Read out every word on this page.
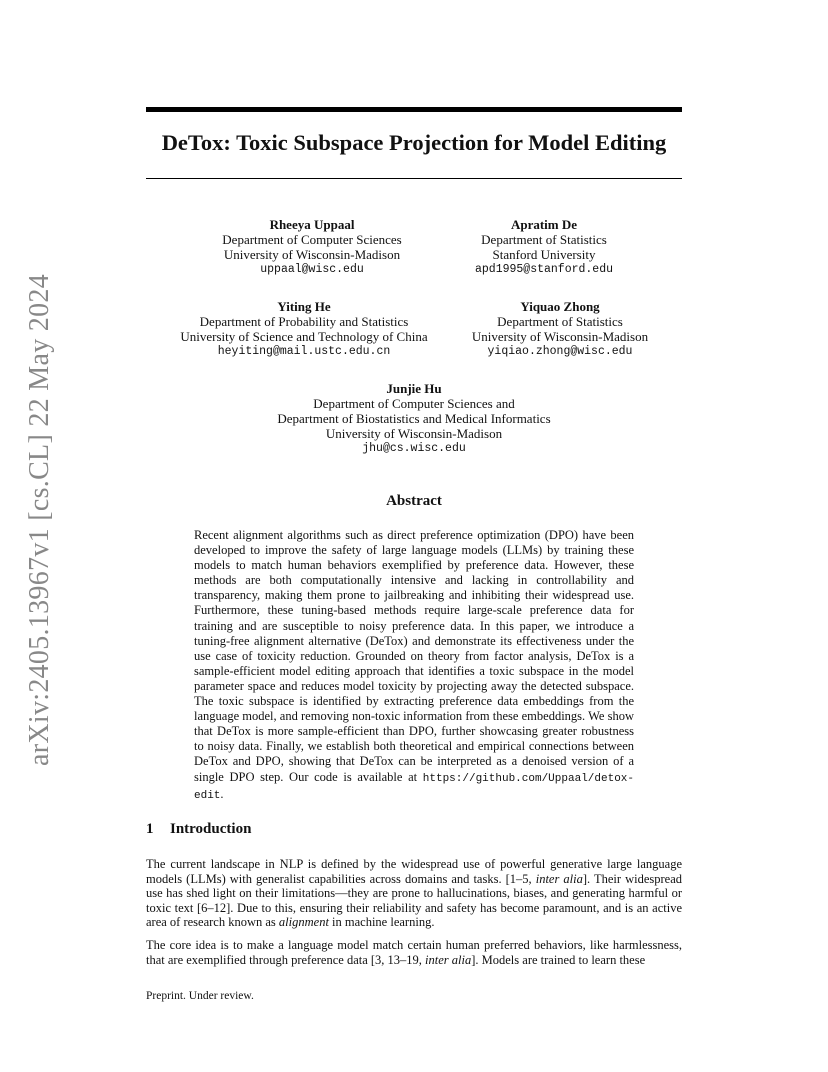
arXiv:2405.13967v1 [cs.CL] 22 May 2024
DeTox: Toxic Subspace Projection for Model Editing
Rheeya Uppaal
Department of Computer Sciences
University of Wisconsin-Madison
uppaal@wisc.edu
Apratim De
Department of Statistics
Stanford University
apd1995@stanford.edu
Yiting He
Department of Probability and Statistics
University of Science and Technology of China
heyiting@mail.ustc.edu.cn
Yiquao Zhong
Department of Statistics
University of Wisconsin-Madison
yiqiao.zhong@wisc.edu
Junjie Hu
Department of Computer Sciences and
Department of Biostatistics and Medical Informatics
University of Wisconsin-Madison
jhu@cs.wisc.edu
Abstract

Recent alignment algorithms such as direct preference optimization (DPO) have been developed to improve the safety of large language models (LLMs) by training these models to match human behaviors exemplified by preference data. However, these methods are both computationally intensive and lacking in controllability and transparency, making them prone to jailbreaking and inhibiting their widespread use. Furthermore, these tuning-based methods require large-scale preference data for training and are susceptible to noisy preference data. In this paper, we introduce a tuning-free alignment alternative (DeTox) and demonstrate its effectiveness under the use case of toxicity reduction. Grounded on theory from factor analysis, DeTox is a sample-efficient model editing approach that identifies a toxic subspace in the model parameter space and reduces model toxicity by projecting away the detected subspace. The toxic subspace is identified by extracting preference data embeddings from the language model, and removing non-toxic information from these embeddings. We show that DeTox is more sample-efficient than DPO, further showcasing greater robustness to noisy data. Finally, we establish both theoretical and empirical connections between DeTox and DPO, showing that DeTox can be interpreted as a denoised version of a single DPO step. Our code is available at https://github.com/Uppaal/detox-edit.

1 Introduction

The current landscape in NLP is defined by the widespread use of powerful generative large language models (LLMs) with generalist capabilities across domains and tasks. [1–5, inter alia]. Their widespread use has shed light on their limitations—they are prone to hallucinations, biases, and generating harmful or toxic text [6–12]. Due to this, ensuring their reliability and safety has become paramount, and is an active area of research known as alignment in machine learning.

The core idea is to make a language model match certain human preferred behaviors, like harmlessness, that are exemplified through preference data [3, 13–19, inter alia]. Models are trained to learn these

Preprint. Under review.
